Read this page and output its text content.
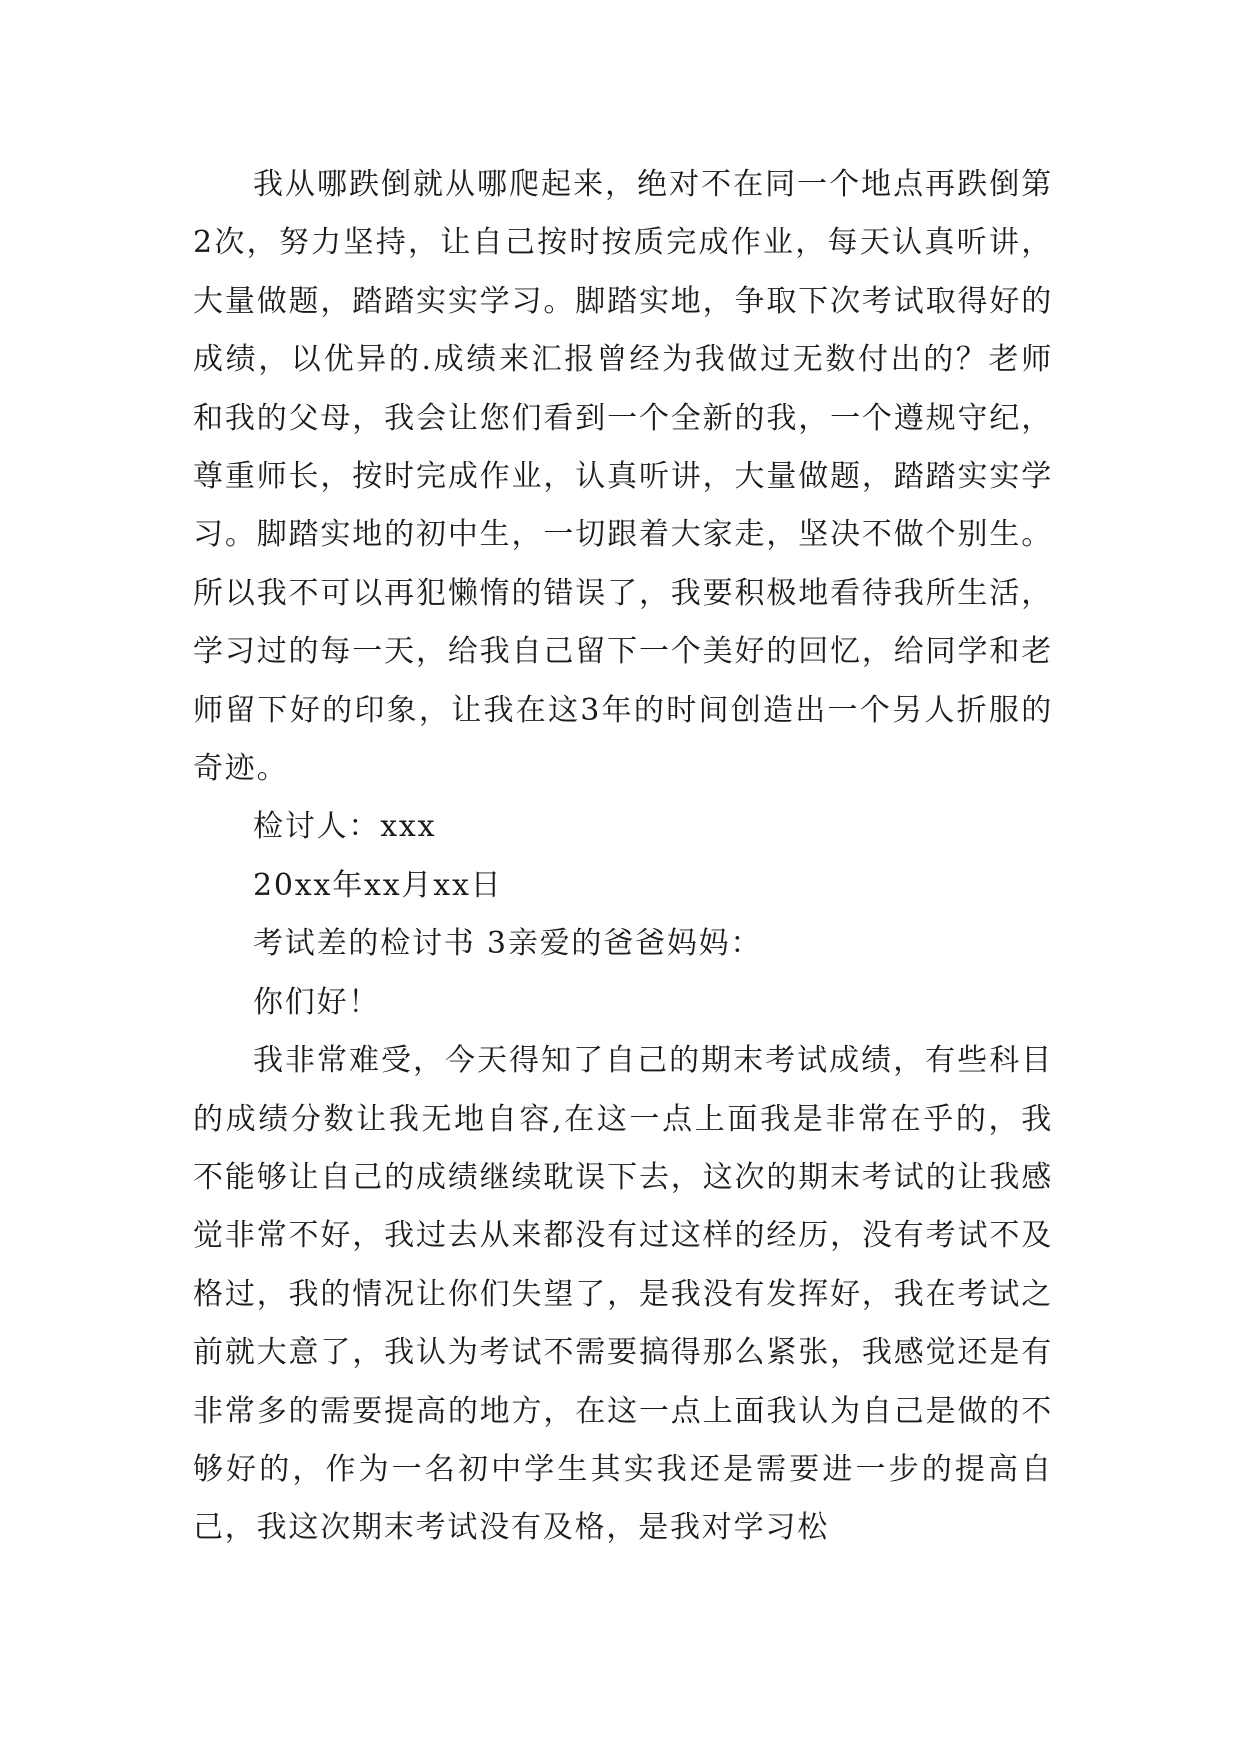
我从哪跌倒就从哪爬起来，绝对不在同一个地点再跌倒第2次，努力坚持，让自己按时按质完成作业，每天认真听讲，大量做题，踏踏实实学习。脚踏实地，争取下次考试取得好的成绩，以优异的.成绩来汇报曾经为我做过无数付出的？老师和我的父母，我会让您们看到一个全新的我，一个遵规守纪，尊重师长，按时完成作业，认真听讲，大量做题，踏踏实实学习。脚踏实地的初中生，一切跟着大家走，坚决不做个别生。所以我不可以再犯懒惰的错误了，我要积极地看待我所生活，学习过的每一天，给我自己留下一个美好的回忆，给同学和老师留下好的印象，让我在这3年的时间创造出一个另人折服的奇迹。

检讨人：xxx

20xx年xx月xx日

考试差的检讨书 3亲爱的爸爸妈妈：

你们好！

我非常难受，今天得知了自己的期末考试成绩，有些科目的成绩分数让我无地自容,在这一点上面我是非常在乎的，我不能够让自己的成绩继续耽误下去，这次的期末考试的让我感觉非常不好，我过去从来都没有过这样的经历，没有考试不及格过，我的情况让你们失望了，是我没有发挥好，我在考试之前就大意了，我认为考试不需要搞得那么紧张，我感觉还是有非常多的需要提高的地方，在这一点上面我认为自己是做的不够好的，作为一名初中学生其实我还是需要进一步的提高自己，我这次期末考试没有及格，是我对学习松
